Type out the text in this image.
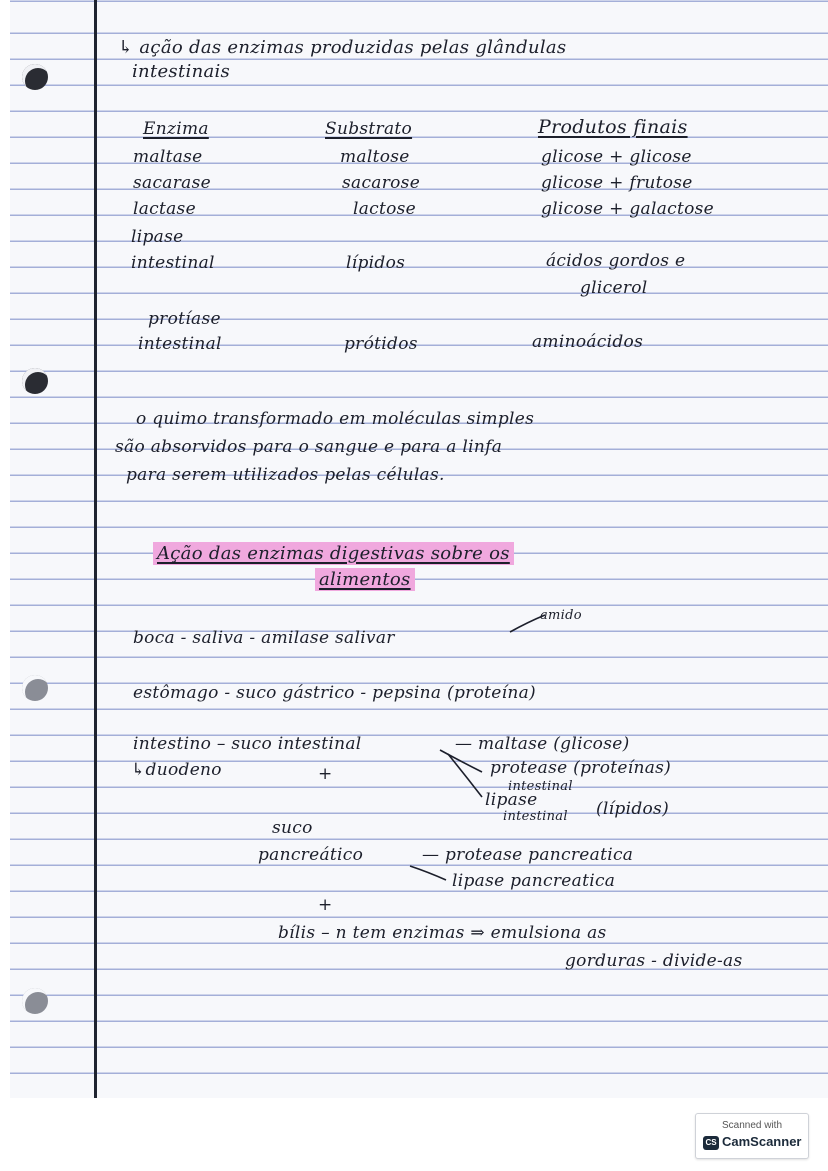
↳ ação das enzimas produzidas pelas glândulas
intestinais
Enzima	Substrato	Produtos finais
maltase	maltose	glicose + glicose
sacarase	sacarose	glicose + frutose
lactase	lactose	glicose + galactose
lipase
intestinal	lípidos	ácidos gordos e
glicerol
protíase
intestinal	prótidos	aminoácidos
o quimo transformado em moléculas simples
são absorvidos para o sangue e para a linfa
para serem utilizados pelas células.
Ação das enzimas digestivas sobre os
alimentos
amido
boca - saliva - amilase salivar
estômago - suco gástrico - pepsina (proteína)
intestino – suco intestinal	— maltase (glicose)
↳duodeno	+	protease (proteínas)
intestinal
lipase
intestinal (lípidos)
suco
pancreático	— protease pancreatica
lipase pancreatica
+
bílis – n tem enzimas ⇒ emulsiona as
gorduras - divide-as
Scanned with
CS CamScanner
